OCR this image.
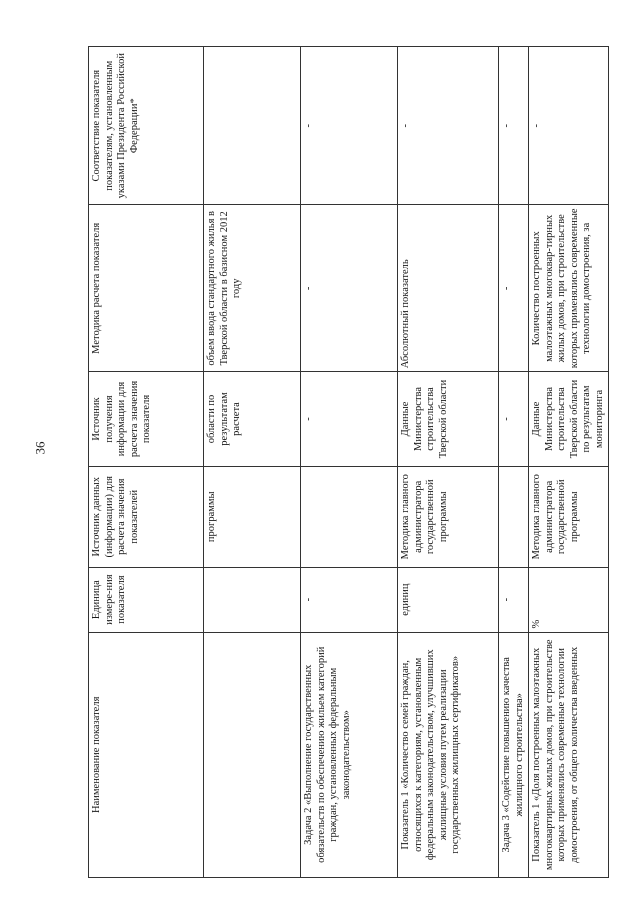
36
Наименование показателя	Единица измере-ния показателя	Источник данных (информации) для расчета значения показателей	Источник получения информации для расчета значения показателя	Методика расчета показателя	Соответствие показателя показателям, установленным указами Президента Российской Федерации*
		программы	области по результатам расчета	объем ввода стандартного жилья в Тверской области в базисном 2012 году	
Задача 2 «Выполнение государственных обязательств по обеспечению жильем категорий граждан, установленных федеральным законодательством»	-		-	-	-
Показатель 1 «Количество семей граждан, относящихся к категориям, установленным федеральным законодательством, улучшивших жилищные условия путем реализации государственных жилищных сертификатов»	единиц	Методика главного администратора государственной программы	Данные Министерства строительства Тверской области	Абсолютный показатель	-
Задача 3 «Содействие повышению качества жилищного строительства»	-		-	-	-
Показатель 1 «Доля построенных малоэтажных многоквартирных жилых домов, при строительстве которых применялись современные технологии домостроения, от общего количества введенных	%	Методика главного администратора государственной программы	Данные Министерства строительства Тверской области по результатам мониторинга	Количество построенных малоэтажных многоквар-тирных жилых домов, при строительстве которых применялись современные технологии домостроения, за	-
